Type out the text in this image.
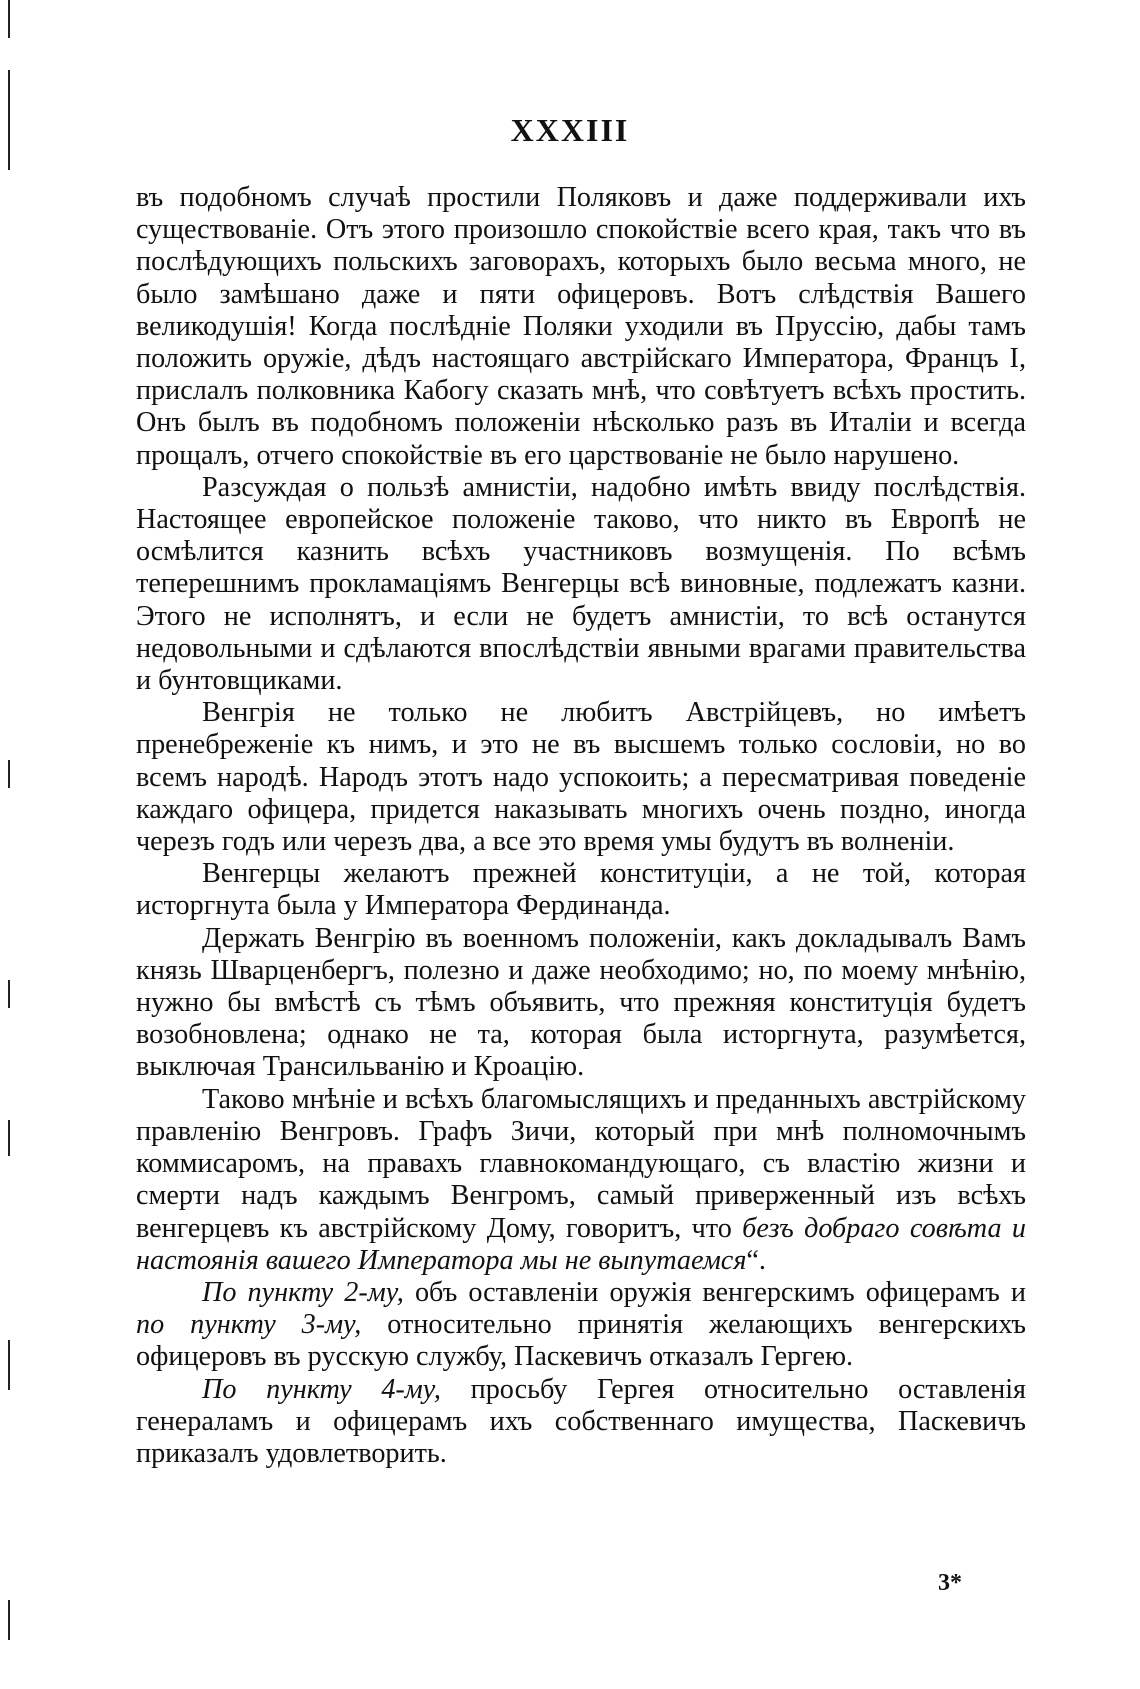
XXXIII

въ подобномъ случаѣ простили Поляковъ и даже поддерживали ихъ существованіе. Отъ этого произошло спокойствіе всего края, такъ что въ послѣдующихъ польскихъ заговорахъ, которыхъ было весьма много, не было замѣшано даже и пяти офицеровъ. Вотъ слѣдствія Вашего великодушія! Когда послѣдніе Поляки уходили въ Пруссію, дабы тамъ положить оружіе, дѣдъ настоящаго австрійскаго Императора, Францъ I, прислалъ полковника Кабогу сказать мнѣ, что совѣтуетъ всѣхъ простить. Онъ былъ въ подобномъ положеніи нѣсколько разъ въ Италіи и всегда прощалъ, отчего спокойствіе въ его царствованіе не было нарушено.

Разсуждая о пользѣ амнистіи, надобно имѣть ввиду послѣдствія. Настоящее европейское положеніе таково, что никто въ Европѣ не осмѣлится казнить всѣхъ участниковъ возмущенія. По всѣмъ теперешнимъ прокламаціямъ Венгерцы всѣ виновные, подлежатъ казни. Этого не исполнятъ, и если не будетъ амнистіи, то всѣ останутся недовольными и сдѣлаются впослѣдствіи явными врагами правительства и бунтовщиками.

Венгрія не только не любитъ Австрійцевъ, но имѣетъ пренебреженіе къ нимъ, и это не въ высшемъ только сословіи, но во всемъ народѣ. Народъ этотъ надо успокоить; а пересматривая поведеніе каждаго офицера, придется наказывать многихъ очень поздно, иногда черезъ годъ или черезъ два, а все это время умы будутъ въ волненіи.

Венгерцы желаютъ прежней конституціи, а не той, которая исторгнута была у Императора Фердинанда.

Держать Венгрію въ военномъ положеніи, какъ докладывалъ Вамъ князь Шварценбергъ, полезно и даже необходимо; но, по моему мнѣнію, нужно бы вмѣстѣ съ тѣмъ объявить, что прежняя конституція будетъ возобновлена; однако не та, которая была исторгнута, разумѣется, выключая Трансильванію и Кроацію.

Таково мнѣніе и всѣхъ благомыслящихъ и преданныхъ австрійскому правленію Венгровъ. Графъ Зичи, который при мнѣ полномочнымъ коммисаромъ, на правахъ главнокомандующаго, съ властію жизни и смерти надъ каждымъ Венгромъ, самый приверженный изъ всѣхъ венгерцевъ къ австрійскому Дому, говоритъ, что безъ добраго совѣта и настоянія вашего Императора мы не выпутаемся“.

По пункту 2-му, объ оставленіи оружія венгерскимъ офицерамъ и по пункту 3-му, относительно принятія желающихъ венгерскихъ офицеровъ въ русскую службу, Паскевичъ отказалъ Гергею.

По пункту 4-му, просьбу Гергея относительно оставленія генераламъ и офицерамъ ихъ собственнаго имущества, Паскевичъ приказалъ удовлетворить.

3*
